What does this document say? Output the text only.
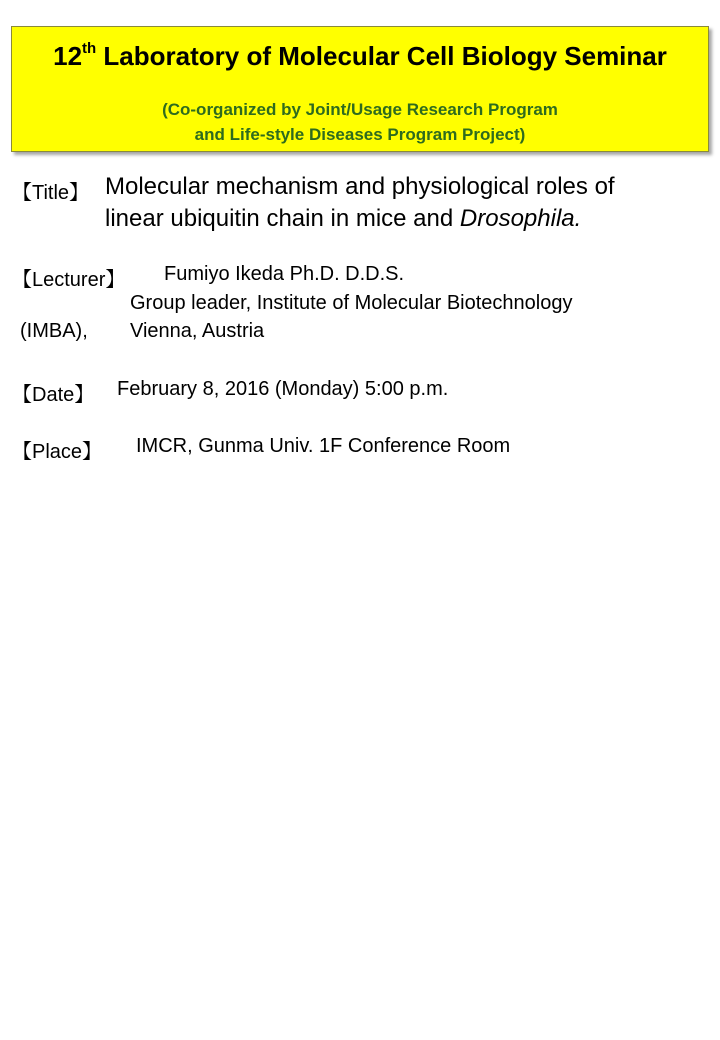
12th Laboratory of Molecular Cell Biology Seminar
(Co-organized by Joint/Usage Research Program
and Life-style Diseases Program Project)
【Title】 Molecular mechanism and physiological roles of
linear ubiquitin chain in mice and Drosophila.
【Lecturer】 Fumiyo Ikeda Ph.D. D.D.S.
Group leader, Institute of Molecular Biotechnology
(IMBA), Vienna, Austria
【Date】 February 8, 2016 (Monday) 5:00 p.m.
【Place】 IMCR, Gunma Univ. 1F Conference Room
